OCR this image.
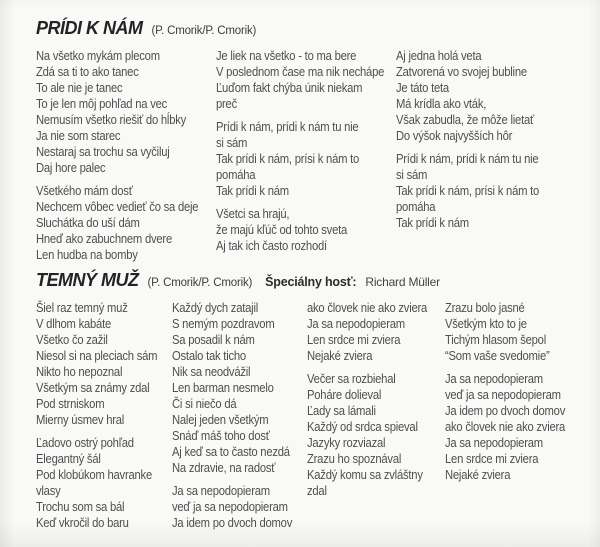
PRÍDI K NÁM (P. Cmorik/P. Cmorik)
Na všetko mykám plecom
Zdá sa ti to ako tanec
To ale nie je tanec
To je len môj pohľad na vec
Nemusím všetko riešiť do hĺbky
Ja nie som starec
Nestaraj sa trochu sa vyčiluj
Daj hore palec
Všetkého mám dosť
Nechcem vôbec vedieť čo sa deje
Sluchátka do uší dám
Hneď ako zabuchnem dvere
Len hudba na bomby
Je liek na všetko - to ma bere
V poslednom čase ma nik nechápe
Ľuďom fakt chýba únik niekam
preč
Prídi k nám, prídi k nám tu nie
si sám
Tak prídi k nám, prísi k nám to
pomáha
Tak prídi k nám
Všetci sa hrajú,
že majú kľúč od tohto sveta
Aj tak ich často rozhodí
Aj jedna holá veta
Zatvorená vo svojej bubline
Je táto teta
Má krídla ako vták,
Však zabudla, že môže lietať
Do výšok najvyšších hôr
Prídi k nám, prídi k nám tu nie
si sám
Tak prídi k nám, prísi k nám to
pomáha
Tak prídi k nám
TEMNÝ MUŽ (P. Cmorik/P. Cmorik) Špeciálny hosť: Richard Müller
Šiel raz temný muž
V dlhom kabáte
Všetko čo zažil
Niesol si na pleciach sám
Nikto ho nepoznal
Všetkým sa známy zdal
Pod strniskom
Mierny úsmev hral
Ľadovo ostrý pohľad
Elegantný šál
Pod klobúkom havranke
vlasy
Trochu som sa bál
Keď vkročil do baru
Každý dych zatajil
S nemým pozdravom
Sa posadil k nám
Ostalo tak ticho
Nik sa neodvážil
Len barman nesmelo
Či si niečo dá
Nalej jeden všetkým
Snáď máš toho dosť
Aj keď sa to často nezdá
Na zdravie, na radosť
Ja sa nepodopieram
veď ja sa nepodopieram
Ja idem po dvoch domov
ako človek nie ako zviera
Ja sa nepodopieram
Len srdce mi zviera
Nejaké zviera
Večer sa rozbiehal
Poháre dolieval
Ľady sa lámali
Každý od srdca spieval
Jazyky rozviazal
Zrazu ho spoznával
Každý komu sa zvláštny
zdal
Zrazu bolo jasné
Všetkým kto to je
Tichým hlasom šepol
“Som vaše svedomie”
Ja sa nepodopieram
veď ja sa nepodopieram
Ja idem po dvoch domov
ako človek nie ako zviera
Ja sa nepodopieram
Len srdce mi zviera
Nejaké zviera
